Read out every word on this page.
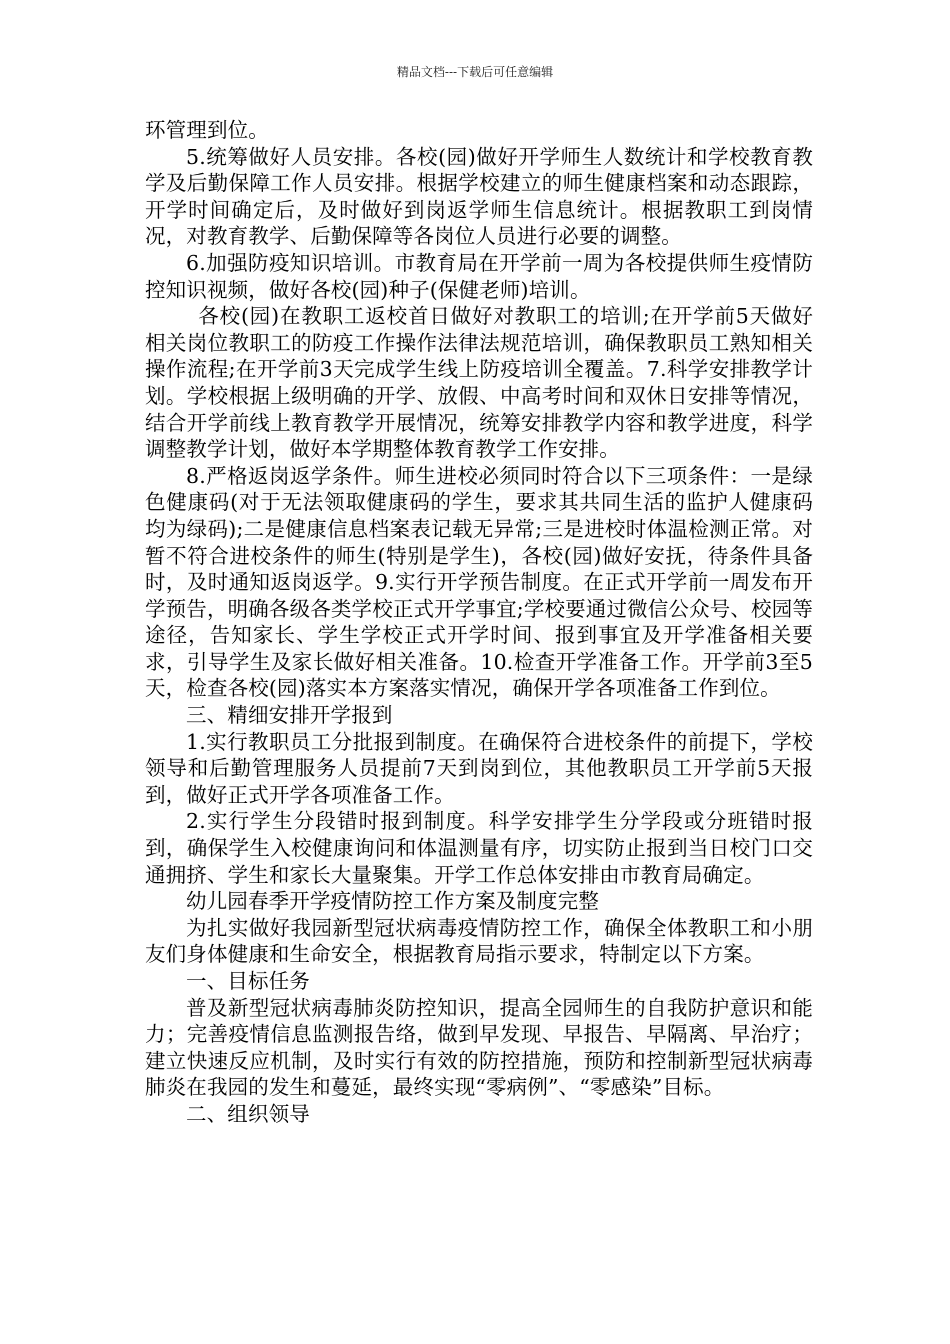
精品文档---下载后可任意编辑

环管理到位。

5.统筹做好人员安排。各校(园)做好开学师生人数统计和学校教育教学及后勤保障工作人员安排。根据学校建立的师生健康档案和动态跟踪，开学时间确定后，及时做好到岗返学师生信息统计。根据教职工到岗情况，对教育教学、后勤保障等各岗位人员进行必要的调整。

6.加强防疫知识培训。市教育局在开学前一周为各校提供师生疫情防控知识视频，做好各校(园)种子(保健老师)培训。

各校(园)在教职工返校首日做好对教职工的培训;在开学前5天做好相关岗位教职工的防疫工作操作法律法规范培训，确保教职员工熟知相关操作流程;在开学前3天完成学生线上防疫培训全覆盖。7.科学安排教学计划。学校根据上级明确的开学、放假、中高考时间和双休日安排等情况，结合开学前线上教育教学开展情况，统筹安排教学内容和教学进度，科学调整教学计划，做好本学期整体教育教学工作安排。

8.严格返岗返学条件。师生进校必须同时符合以下三项条件：一是绿色健康码(对于无法领取健康码的学生，要求其共同生活的监护人健康码均为绿码);二是健康信息档案表记载无异常;三是进校时体温检测正常。对暂不符合进校条件的师生(特别是学生)，各校(园)做好安抚，待条件具备时，及时通知返岗返学。9.实行开学预告制度。在正式开学前一周发布开学预告，明确各级各类学校正式开学事宜;学校要通过微信公众号、校园等途径，告知家长、学生学校正式开学时间、报到事宜及开学准备相关要求，引导学生及家长做好相关准备。10.检查开学准备工作。开学前3至5天，检查各校(园)落实本方案落实情况，确保开学各项准备工作到位。

三、精细安排开学报到

1.实行教职员工分批报到制度。在确保符合进校条件的前提下，学校领导和后勤管理服务人员提前7天到岗到位，其他教职员工开学前5天报到，做好正式开学各项准备工作。

2.实行学生分段错时报到制度。科学安排学生分学段或分班错时报到，确保学生入校健康询问和体温测量有序，切实防止报到当日校门口交通拥挤、学生和家长大量聚集。开学工作总体安排由市教育局确定。

幼儿园春季开学疫情防控工作方案及制度完整

为扎实做好我园新型冠状病毒疫情防控工作，确保全体教职工和小朋友们身体健康和生命安全，根据教育局指示要求，特制定以下方案。

一、目标任务

普及新型冠状病毒肺炎防控知识，提高全园师生的自我防护意识和能力；完善疫情信息监测报告络，做到早发现、早报告、早隔离、早治疗；建立快速反应机制，及时实行有效的防控措施，预防和控制新型冠状病毒肺炎在我园的发生和蔓延，最终实现“零病例”、“零感染”目标。

二、组织领导
